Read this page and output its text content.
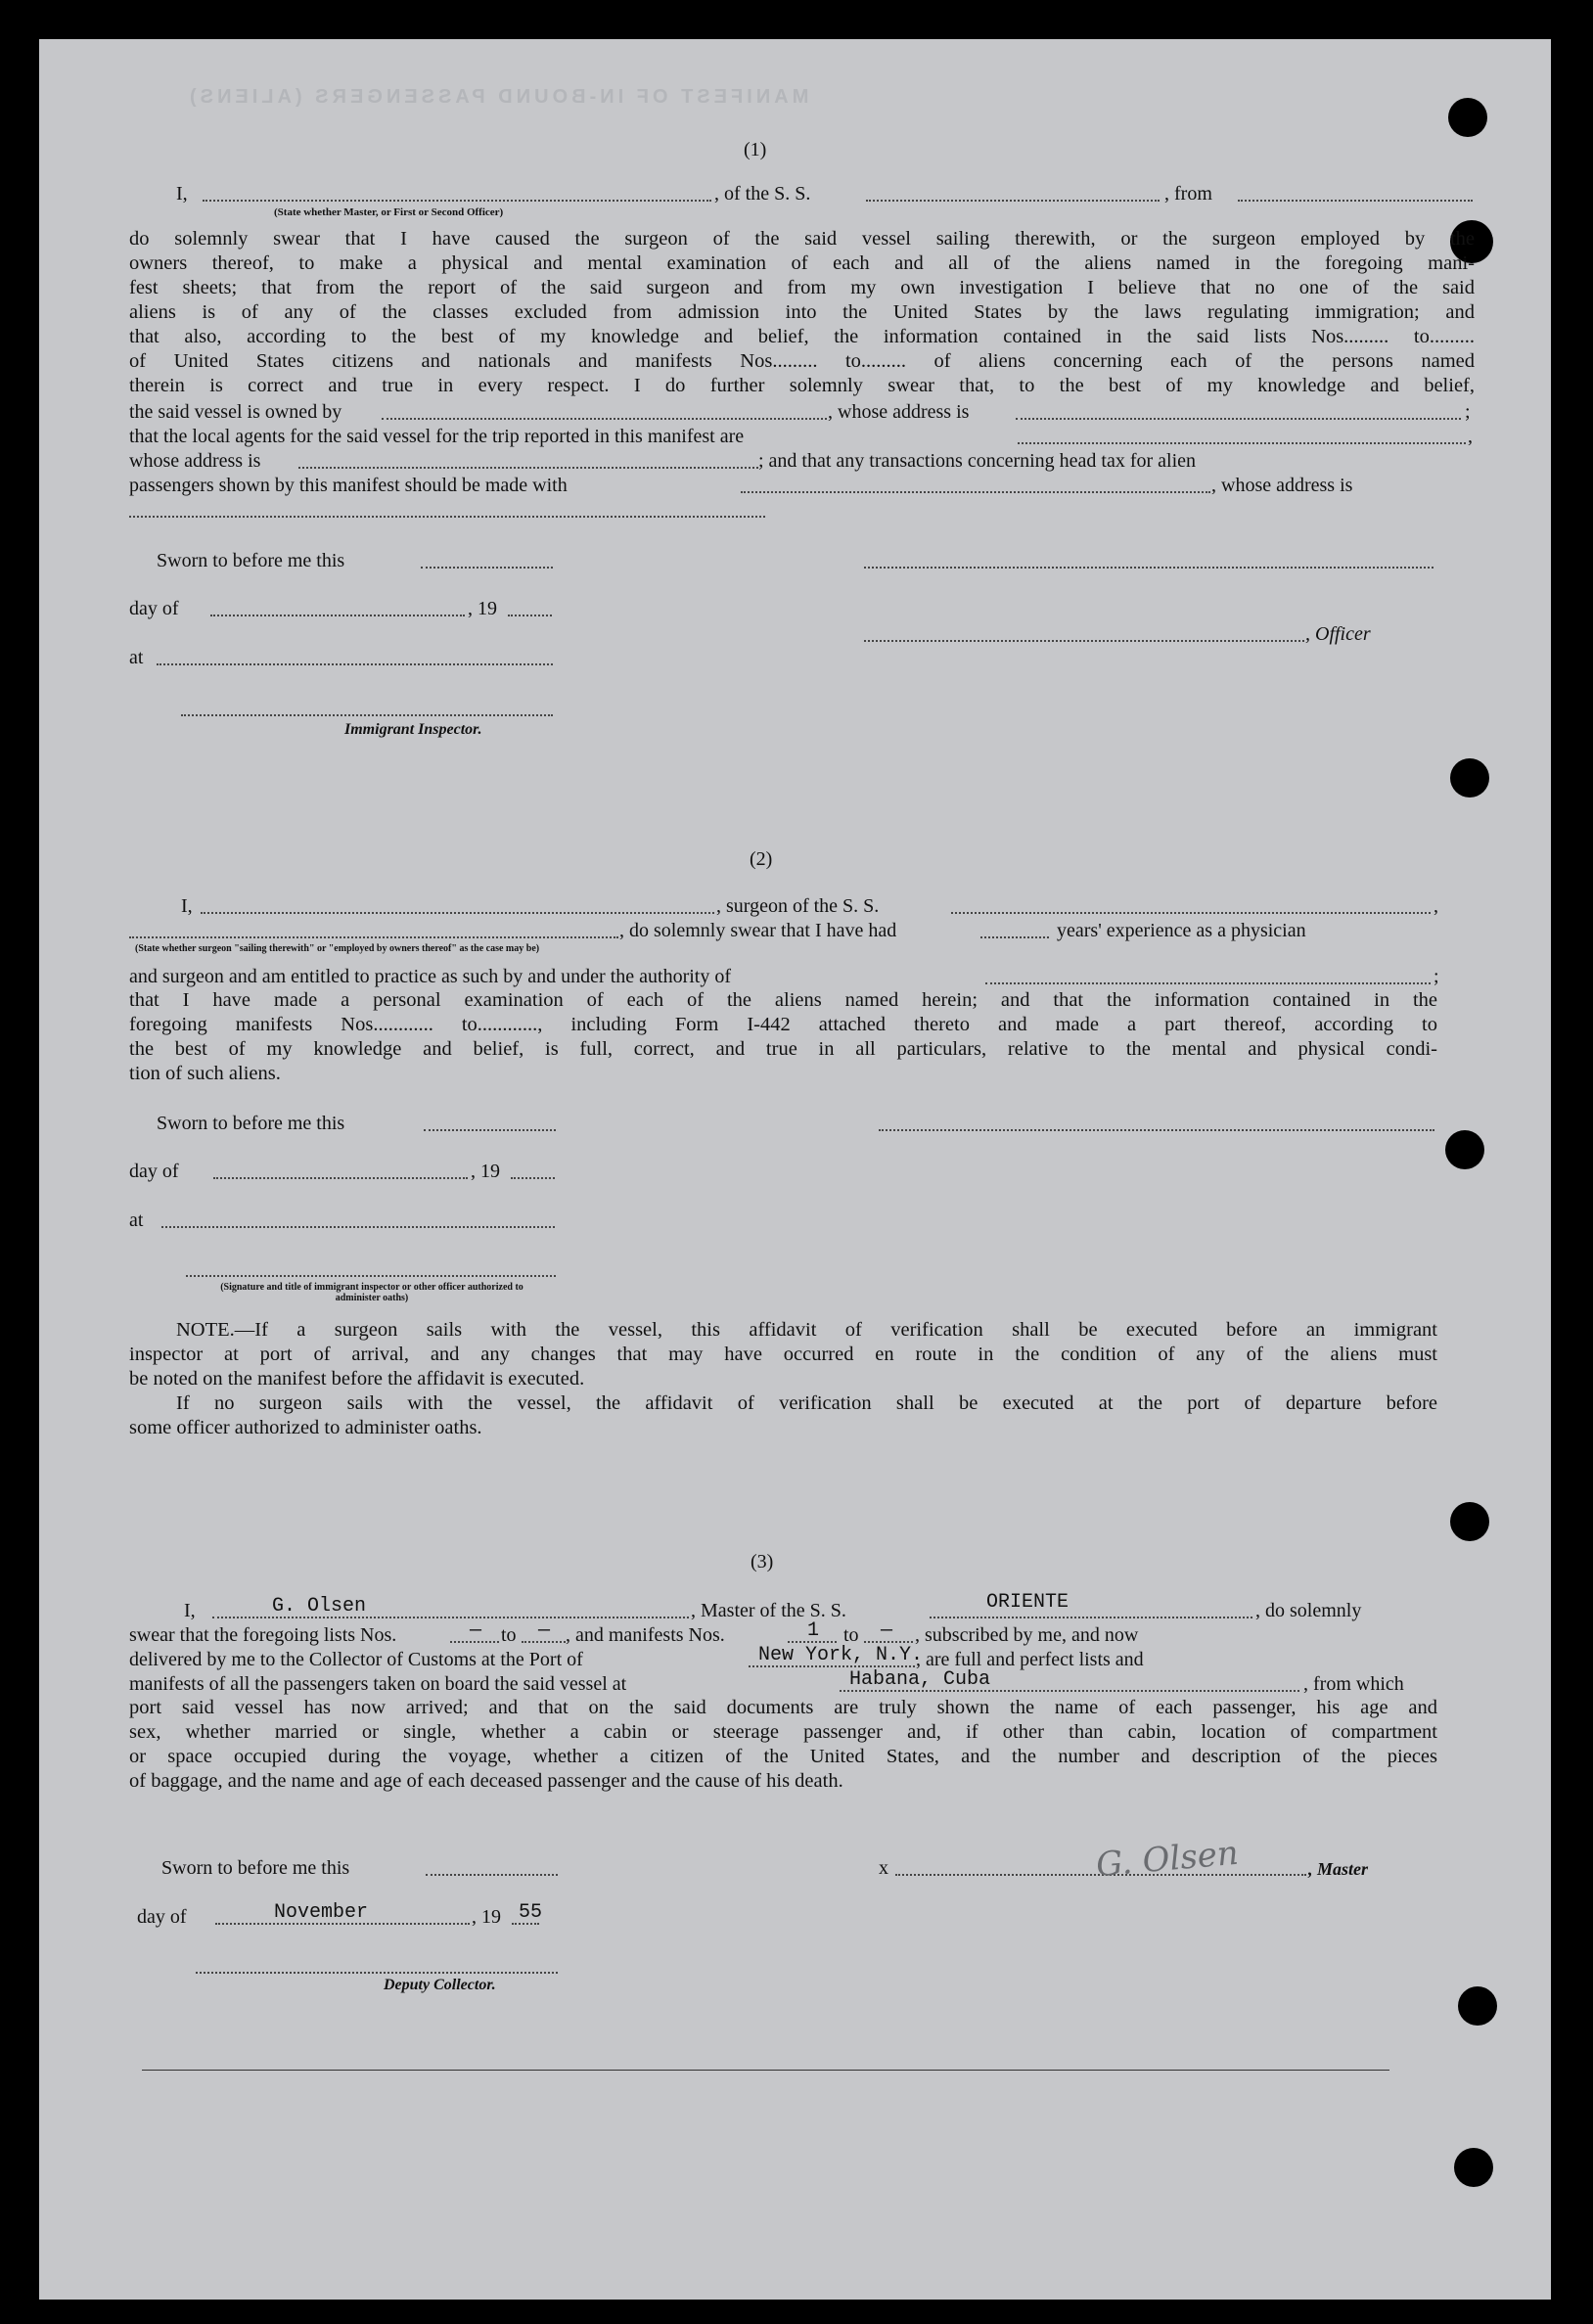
MANIFEST OF IN-BOUND PASSENGERS (ALIENS)
(1)
I,	, of the S. S.	, from
(State whether Master, or First or Second Officer)
do solemnly swear that I have caused the surgeon of the said vessel sailing therewith, or the surgeon employed by the
owners thereof, to make a physical and mental examination of each and all of the aliens named in the foregoing mani-
fest sheets; that from the report of the said surgeon and from my own investigation I believe that no one of the said
aliens is of any of the classes excluded from admission into the United States by the laws regulating immigration; and
that also, according to the best of my knowledge and belief, the information contained in the said lists Nos......... to.........
of United States citizens and nationals and manifests Nos......... to......... of aliens concerning each of the persons named
therein is correct and true in every respect. I do further solemnly swear that, to the best of my knowledge and belief,
the said vessel is owned by	, whose address is	;
that the local agents for the said vessel for the trip reported in this manifest are	,
whose address is	; and that any transactions concerning head tax for alien
passengers shown by this manifest should be made with	, whose address is
Sworn to before me this
day of	, 19
, Officer
at
Immigrant Inspector.
(2)
I,	, surgeon of the S. S.	,
, do solemnly swear that I have had	years' experience as a physician
(State whether surgeon "sailing therewith" or "employed by owners thereof" as the case may be)
and surgeon and am entitled to practice as such by and under the authority of	;
that I have made a personal examination of each of the aliens named herein; and that the information contained in the
foregoing manifests Nos............ to............, including Form I-442 attached thereto and made a part thereof, according to
the best of my knowledge and belief, is full, correct, and true in all particulars, relative to the mental and physical condi-
tion of such aliens.
Sworn to before me this
day of	, 19
at
(Signature and title of immigrant inspector or other officer authorized to administer oaths)
NOTE.—If a surgeon sails with the vessel, this affidavit of verification shall be executed before an immigrant
inspector at port of arrival, and any changes that may have occurred en route in the condition of any of the aliens must
be noted on the manifest before the affidavit is executed.
If no surgeon sails with the vessel, the affidavit of verification shall be executed at the port of departure before
some officer authorized to administer oaths.
(3)
I,	G. Olsen	, Master of the S. S.	ORIENTE	, do solemnly
swear that the foregoing lists Nos.	— to — , and manifests Nos.	1 to — , subscribed by me, and now
delivered by me to the Collector of Customs at the Port of	New York, N.Y.
, are full and perfect lists and
manifests of all the passengers taken on board the said vessel at	Habana, Cuba	, from which
port said vessel has now arrived; and that on the said documents are truly shown the name of each passenger, his age and
sex, whether married or single, whether a cabin or steerage passenger and, if other than cabin, location of compartment
or space occupied during the voyage, whether a citizen of the United States, and the number and description of the pieces
of baggage, and the name and age of each deceased passenger and the cause of his death.
Sworn to before me this	x	G. Olsen	, Master
day of	November	, 19 55
Deputy Collector.
